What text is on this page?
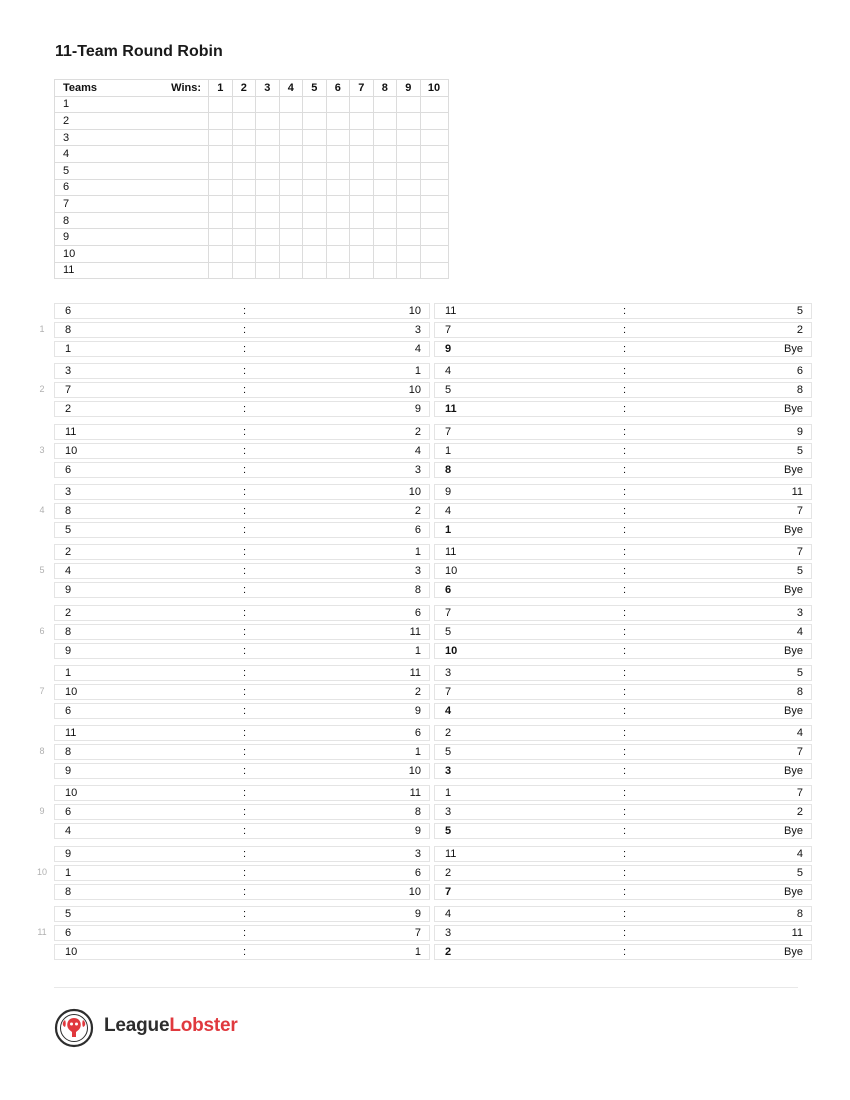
11-Team Round Robin
Teams Wins:	1	2	3	4	5	6	7	8	9	10
1										
2										
3										
4										
5										
6										
7										
8										
9										
10										
11										
1
6	:	10
8	:	3
1	:	4
11	:	5
7	:	2
9	:	Bye
2
3	:	1
7	:	10
2	:	9
4	:	6
5	:	8
11	:	Bye
3
11	:	2
10	:	4
6	:	3
7	:	9
1	:	5
8	:	Bye
4
3	:	10
8	:	2
5	:	6
9	:	11
4	:	7
1	:	Bye
5
2	:	1
4	:	3
9	:	8
11	:	7
10	:	5
6	:	Bye
6
2	:	6
8	:	11
9	:	1
7	:	3
5	:	4
10	:	Bye
7
1	:	11
10	:	2
6	:	9
3	:	5
7	:	8
4	:	Bye
8
11	:	6
8	:	1
9	:	10
2	:	4
5	:	7
3	:	Bye
9
10	:	11
6	:	8
4	:	9
1	:	7
3	:	2
5	:	Bye
10
9	:	3
1	:	6
8	:	10
11	:	4
2	:	5
7	:	Bye
11
5	:	9
6	:	7
10	:	1
4	:	8
3	:	11
2	:	Bye
LeagueLobster
